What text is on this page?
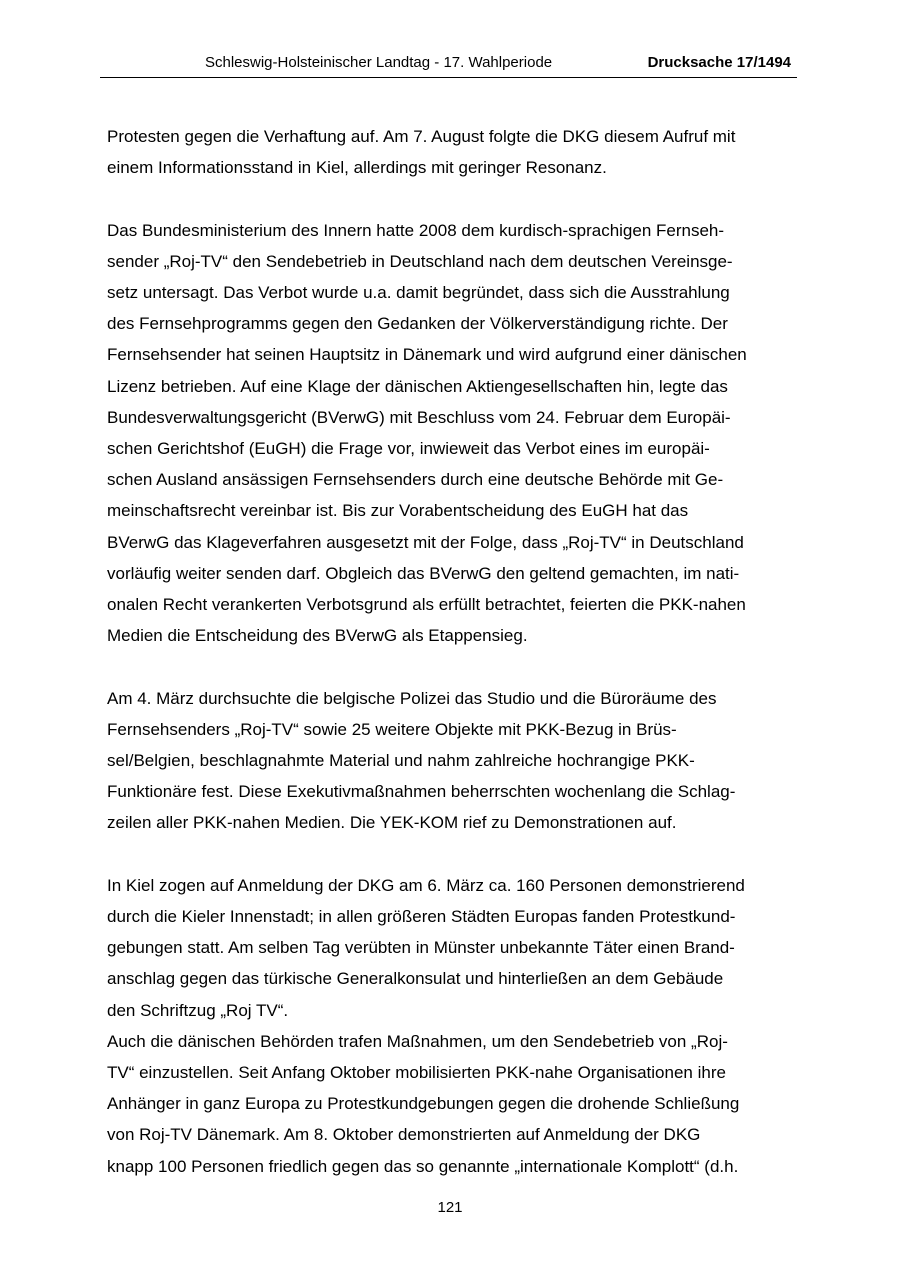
Schleswig-Holsteinischer Landtag - 17. Wahlperiode	Drucksache 17/1494

Protesten gegen die Verhaftung auf. Am 7. August folgte die DKG diesem Aufruf mit
einem Informationsstand in Kiel, allerdings mit geringer Resonanz.

Das Bundesministerium des Innern hatte 2008 dem kurdisch-sprachigen Fernseh-
sender „Roj-TV“ den Sendebetrieb in Deutschland nach dem deutschen Vereinsge-
setz untersagt. Das Verbot wurde u.a. damit begründet, dass sich die Ausstrahlung
des Fernsehprogramms gegen den Gedanken der Völkerverständigung richte. Der
Fernsehsender hat seinen Hauptsitz in Dänemark und wird aufgrund einer dänischen
Lizenz betrieben. Auf eine Klage der dänischen Aktiengesellschaften hin, legte das
Bundesverwaltungsgericht (BVerwG) mit Beschluss vom 24. Februar dem Europäi-
schen Gerichtshof (EuGH) die Frage vor, inwieweit das Verbot eines im europäi-
schen Ausland ansässigen Fernsehsenders durch eine deutsche Behörde mit Ge-
meinschaftsrecht vereinbar ist. Bis zur Vorabentscheidung des EuGH hat das
BVerwG das Klageverfahren ausgesetzt mit der Folge, dass „Roj-TV“ in Deutschland
vorläufig weiter senden darf. Obgleich das BVerwG den geltend gemachten, im nati-
onalen Recht verankerten Verbotsgrund als erfüllt betrachtet, feierten die PKK-nahen
Medien die Entscheidung des BVerwG als Etappensieg.

Am 4. März durchsuchte die belgische Polizei das Studio und die Büroräume des
Fernsehsenders „Roj-TV“ sowie 25 weitere Objekte mit PKK-Bezug in Brüs-
sel/Belgien, beschlagnahmte Material und nahm zahlreiche hochrangige PKK-
Funktionäre fest. Diese Exekutivmaßnahmen beherrschten wochenlang die Schlag-
zeilen aller PKK-nahen Medien. Die YEK-KOM rief zu Demonstrationen auf.

In Kiel zogen auf Anmeldung der DKG am 6. März ca. 160 Personen demonstrierend
durch die Kieler Innenstadt; in allen größeren Städten Europas fanden Protestkund-
gebungen statt. Am selben Tag verübten in Münster unbekannte Täter einen Brand-
anschlag gegen das türkische Generalkonsulat und hinterließen an dem Gebäude
den Schriftzug „Roj TV“.

Auch die dänischen Behörden trafen Maßnahmen, um den Sendebetrieb von „Roj-
TV“ einzustellen. Seit Anfang Oktober mobilisierten PKK-nahe Organisationen ihre
Anhänger in ganz Europa zu Protestkundgebungen gegen die drohende Schließung
von Roj-TV Dänemark. Am 8. Oktober demonstrierten auf Anmeldung der DKG
knapp 100 Personen friedlich gegen das so genannte „internationale Komplott“ (d.h.

121
